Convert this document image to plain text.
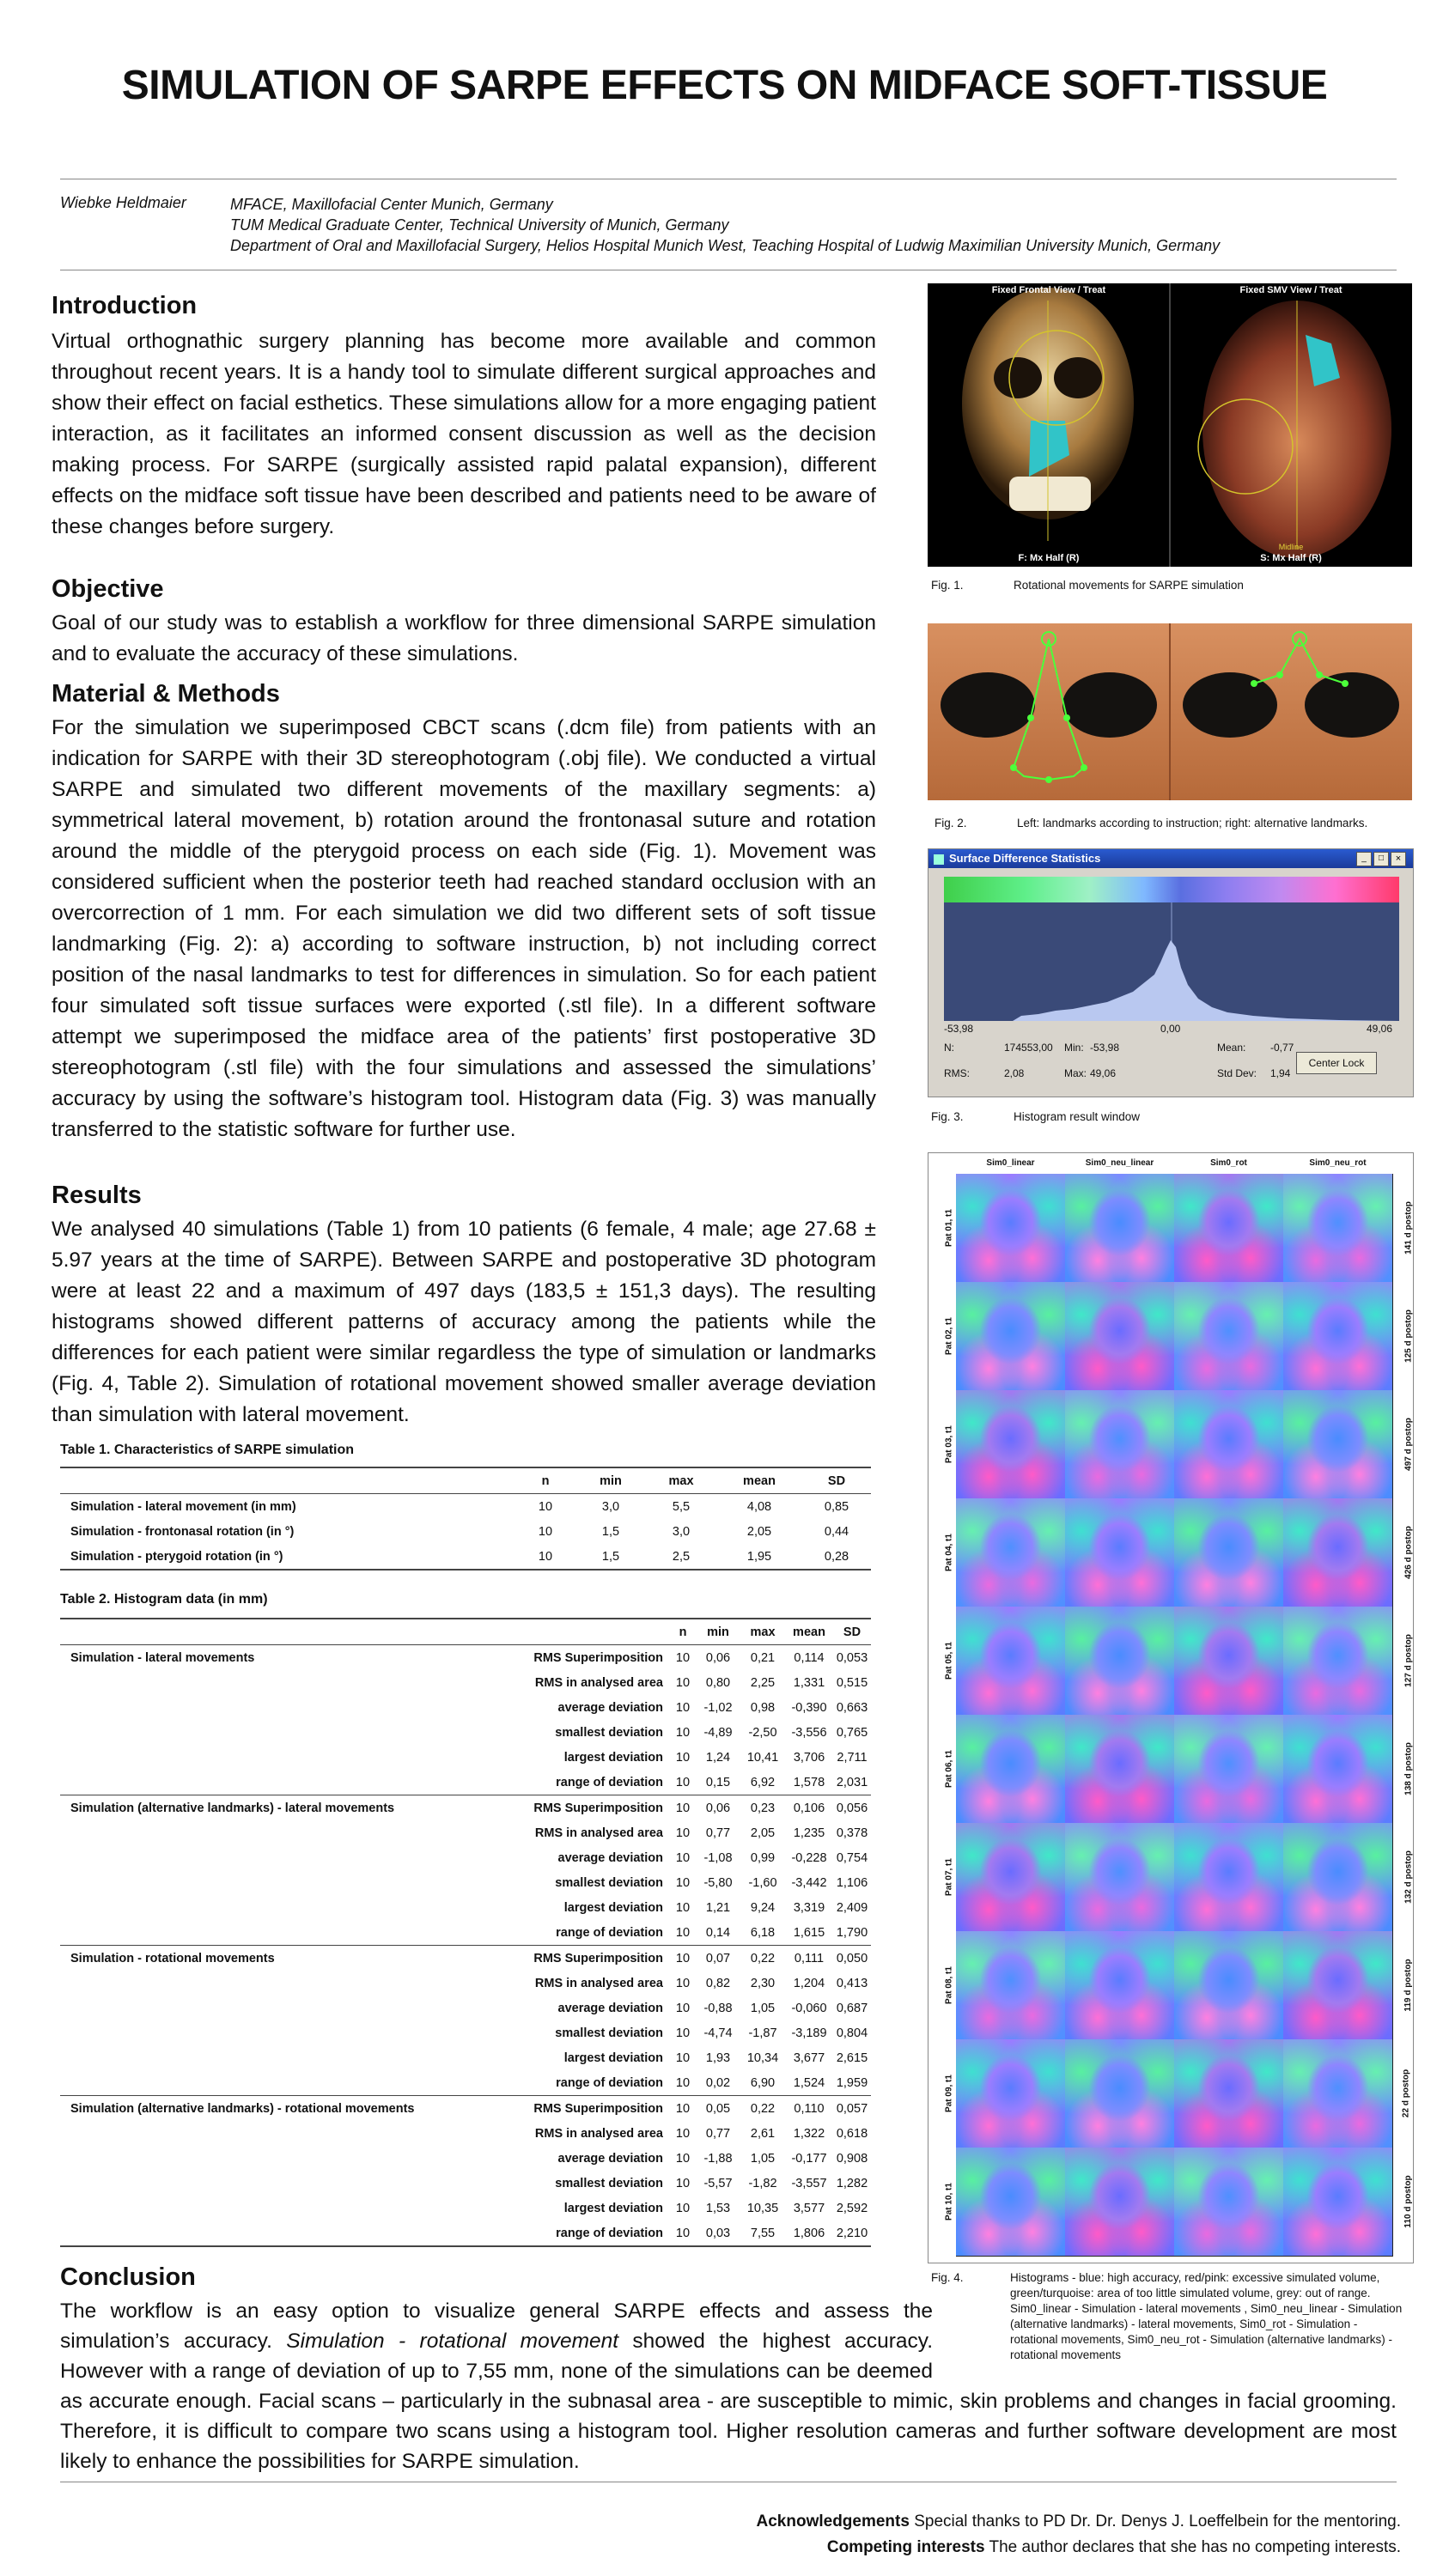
SIMULATION OF SARPE EFFECTS ON MIDFACE SOFT-TISSUE
Wiebke Heldmaier	MFACE, Maxillofacial Center Munich, Germany
TUM Medical Graduate Center, Technical University of Munich, Germany
Department of Oral and Maxillofacial Surgery, Helios Hospital Munich West, Teaching Hospital of Ludwig Maximilian University Munich, Germany
Introduction

Virtual orthognathic surgery planning has become more available and common throughout recent years. It is a handy tool to simulate different surgical approaches and show their effect on facial esthetics. These simulations allow for a more engaging patient interaction, as it facilitates an informed consent discussion as well as the decision making process. For SARPE (surgically assisted rapid palatal expansion), different effects on the midface soft tissue have been described and patients need to be aware of these changes before surgery.

Objective

Goal of our study was to establish a workflow for three dimensional SARPE simulation and to evaluate the accuracy of these simulations.

Material & Methods

For the simulation we superimposed CBCT scans (.dcm file) from patients with an indication for SARPE with their 3D stereophotogram (.obj file). We conducted a virtual SARPE and simulated two different movements of the maxillary segments: a) symmetrical lateral movement, b) rotation around the frontonasal suture and rotation around the middle of the pterygoid process on each side (Fig. 1). Movement was considered sufficient when the posterior teeth had reached standard occlusion with an overcorrection of 1 mm. For each simulation we did two different sets of soft tissue landmarking (Fig. 2): a) according to software instruction, b) not including correct position of the nasal landmarks to test for differences in simulation. So for each patient four simulated soft tissue surfaces were exported (.stl file). In a different software attempt we superimposed the midface area of the patients’ first postoperative 3D stereophotogram (.stl file) with the four simulations and assessed the simulations’ accuracy by using the software’s histogram tool. Histogram data (Fig. 3) was manually transferred to the statistic software for further use.

Results

We analysed 40 simulations (Table 1) from 10 patients (6 female, 4 male; age 27.68 ± 5.97 years at the time of SARPE). Between SARPE and postoperative 3D photogram were at least 22 and a maximum of 497 days (183,5 ± 151,3 days). The resulting histograms showed different patterns of accuracy among the patients while the differences for each patient were similar regardless the type of simulation or landmarks (Fig. 4, Table 2). Simulation of rotational movement showed smaller average deviation than simulation with lateral movement.

Table 1. Characteristics of SARPE simulation
	n	min	max	mean	SD
Simulation - lateral movement (in mm)	10	3,0	5,5	4,08	0,85
Simulation - frontonasal rotation (in °)	10	1,5	3,0	2,05	0,44
Simulation - pterygoid rotation (in °)	10	1,5	2,5	1,95	0,28
Table 2. Histogram data (in mm)
		n	min	max	mean	SD
Simulation - lateral movements	RMS Superimposition	10	0,06	0,21	0,114	0,053
	RMS in analysed area	10	0,80	2,25	1,331	0,515
	average deviation	10	-1,02	0,98	-0,390	0,663
	smallest deviation	10	-4,89	-2,50	-3,556	0,765
	largest deviation	10	1,24	10,41	3,706	2,711
	range of deviation	10	0,15	6,92	1,578	2,031
Simulation (alternative landmarks) - lateral movements	RMS Superimposition	10	0,06	0,23	0,106	0,056
	RMS in analysed area	10	0,77	2,05	1,235	0,378
	average deviation	10	-1,08	0,99	-0,228	0,754
	smallest deviation	10	-5,80	-1,60	-3,442	1,106
	largest deviation	10	1,21	9,24	3,319	2,409
	range of deviation	10	0,14	6,18	1,615	1,790
Simulation - rotational movements	RMS Superimposition	10	0,07	0,22	0,111	0,050
	RMS in analysed area	10	0,82	2,30	1,204	0,413
	average deviation	10	-0,88	1,05	-0,060	0,687
	smallest deviation	10	-4,74	-1,87	-3,189	0,804
	largest deviation	10	1,93	10,34	3,677	2,615
	range of deviation	10	0,02	6,90	1,524	1,959
Simulation (alternative landmarks) - rotational movements	RMS Superimposition	10	0,05	0,22	0,110	0,057
	RMS in analysed area	10	0,77	2,61	1,322	0,618
	average deviation	10	-1,88	1,05	-0,177	0,908
	smallest deviation	10	-5,57	-1,82	-3,557	1,282
	largest deviation	10	1,53	10,35	3,577	2,592
	range of deviation	10	0,03	7,55	1,806	2,210
Conclusion

The workflow is an easy option to visualize general SARPE effects and assess the simulation’s accuracy. Simulation - rotational movement showed the highest accuracy. However with a range of deviation of up to 7,55 mm, none of the simulations can be deemed as accurate enough. Facial scans – particularly in the subnasal area - are susceptible to mimic, skin problems and changes in facial grooming. Therefore, it is difficult to compare two scans using a histogram tool. Higher resolution cameras and further software development are most likely to enhance the possibilities for SARPE simulation.

Acknowledgements Special thanks to PD Dr. Dr. Denys J. Loeffelbein for the mentoring.
Competing interests The author declares that she has no competing interests.
Fixed Frontal View / Treat	Fixed SMV View / Treat
F: Mx Half (R)
Midline
S: Mx Half (R)
Fig. 1.	Rotational movements for SARPE simulation
Fig. 2.	Left: landmarks according to instruction; right: alternative landmarks.
Surface Difference Statistics	_	□	×
-53,98	0,00	49,06
N:	174553,00 Min: -53,98	Mean: -0,77
RMS:	2,08	Max: 49,06	Std Dev: 1,94
Center Lock
Fig. 3.	Histogram result window
Sim0_linear	Sim0_neu_linear	Sim0_rot	Sim0_neu_rot
Pat 01, t1
Pat 02, t1
Pat 03, t1
Pat 04, t1
Pat 05, t1
Pat 06, t1
Pat 07, t1
Pat 08, t1
Pat 09, t1
Pat 10, t1
141 d postop
125 d postop
497 d postop
426 d postop
127 d postop
138 d postop
132 d postop
119 d postop
22 d postop
110 d postop
Fig. 4.	Histograms - blue: high accuracy, red/pink: excessive simulated volume, green/turquoise: area of too little simulated volume, grey: out of range. Sim0_linear - Simulation - lateral movements , Sim0_neu_linear - Simulation (alternative landmarks) - lateral movements, Sim0_rot - Simulation - rotational movements, Sim0_neu_rot - Simulation (alternative landmarks) - rotational movements
